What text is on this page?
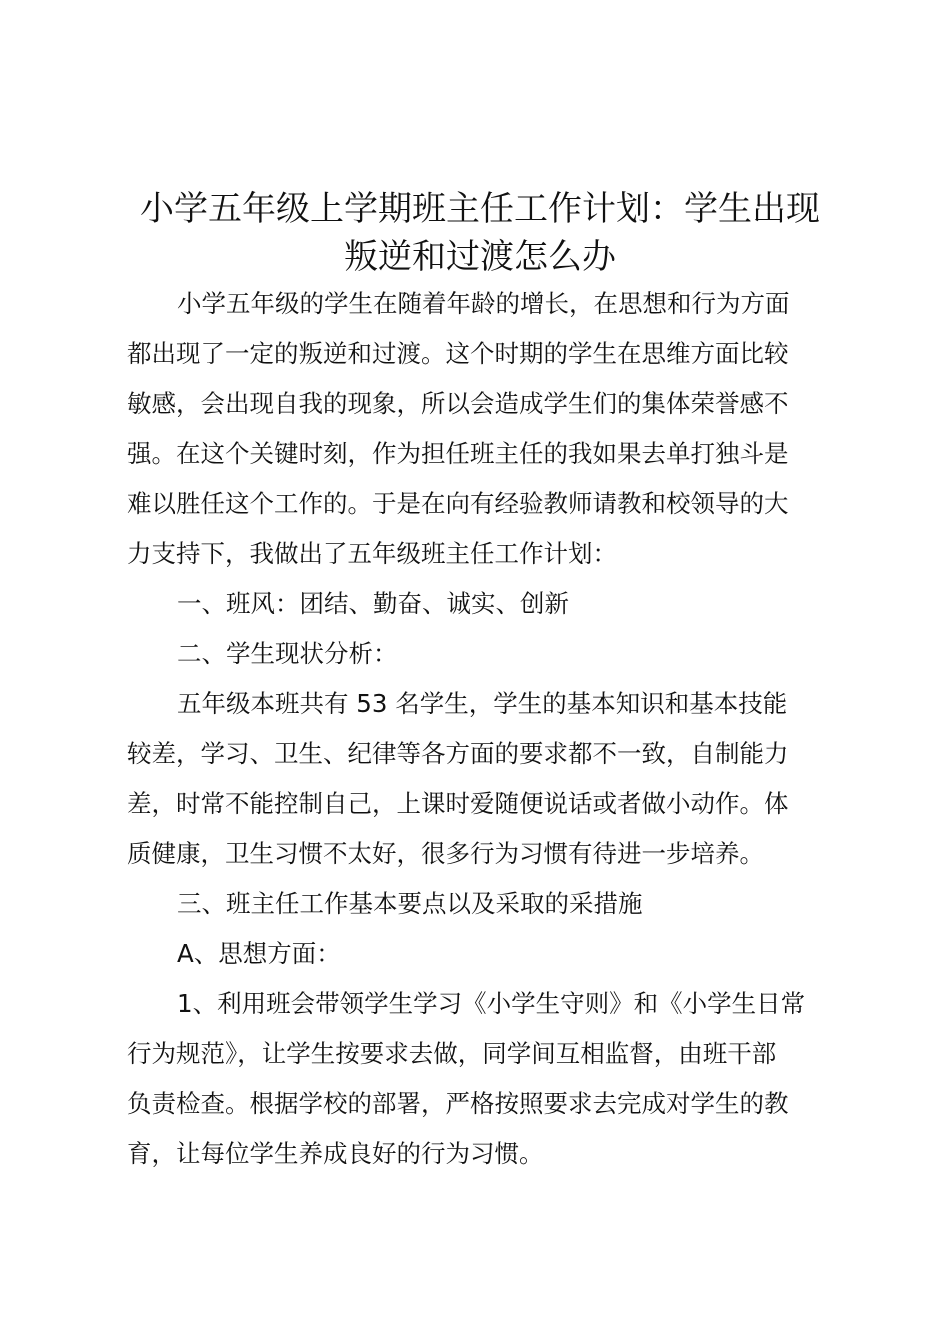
小学五年级上学期班主任工作计划：学生出现
叛逆和过渡怎么办

小学五年级的学生在随着年龄的增长，在思想和行为方面
都出现了一定的叛逆和过渡。这个时期的学生在思维方面比较
敏感，会出现自我的现象，所以会造成学生们的集体荣誉感不
强。在这个关键时刻，作为担任班主任的我如果去单打独斗是
难以胜任这个工作的。于是在向有经验教师请教和校领导的大
力支持下，我做出了五年级班主任工作计划：

一、班风：团结、勤奋、诚实、创新

二、学生现状分析：

五年级本班共有 53 名学生，学生的基本知识和基本技能
较差，学习、卫生、纪律等各方面的要求都不一致，自制能力
差，时常不能控制自己，上课时爱随便说话或者做小动作。体
质健康，卫生习惯不太好，很多行为习惯有待进一步培养。

三、班主任工作基本要点以及采取的采措施

A、思想方面：

1、利用班会带领学生学习《小学生守则》和《小学生日常
行为规范》，让学生按要求去做，同学间互相监督，由班干部
负责检查。根据学校的部署，严格按照要求去完成对学生的教
育，让每位学生养成良好的行为习惯。
